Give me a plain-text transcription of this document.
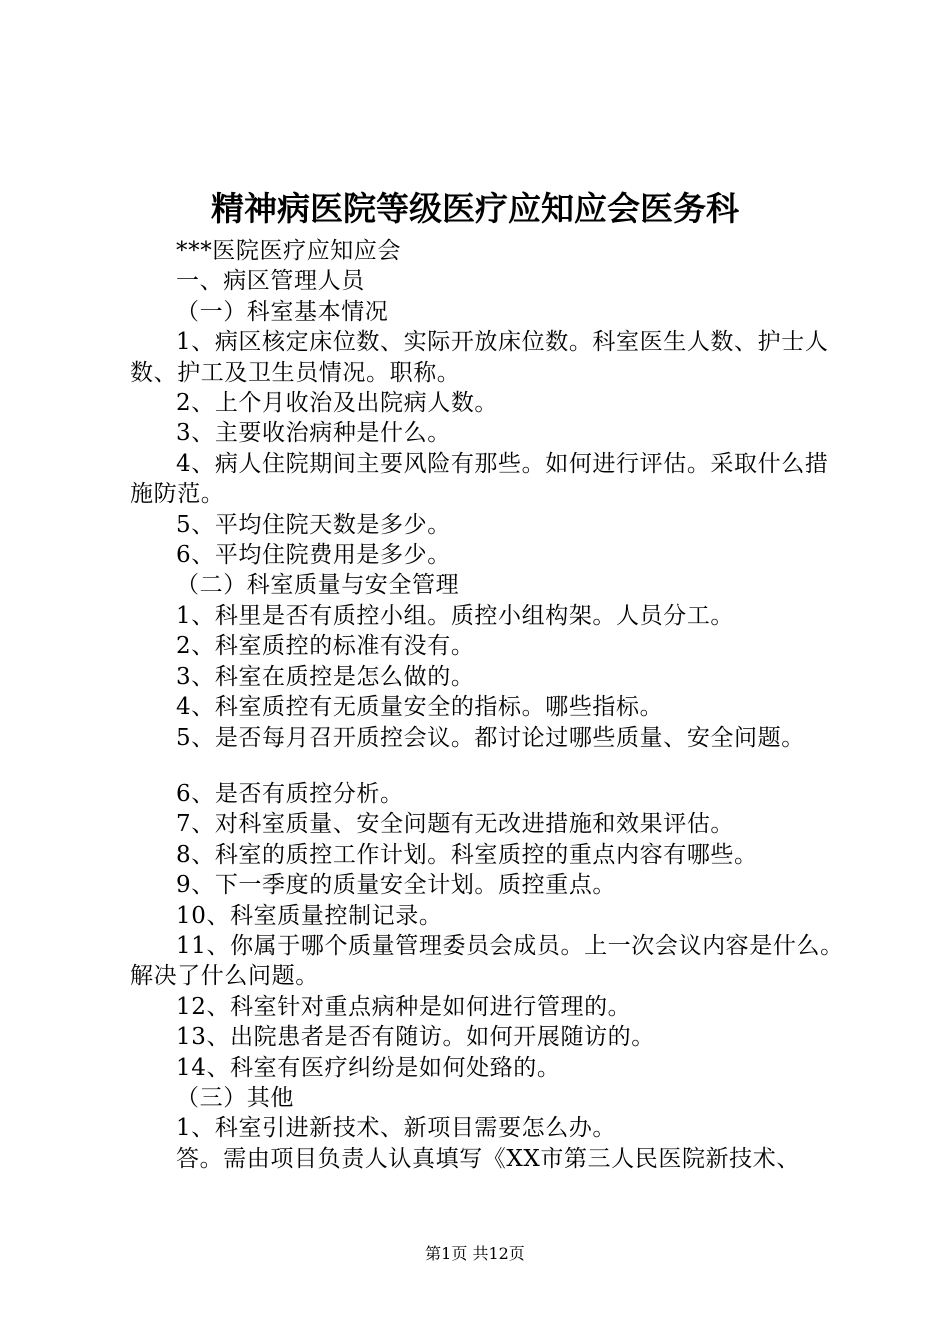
精神病医院等级医疗应知应会医务科
***医院医疗应知应会
一、病区管理人员
（一）科室基本情况
1、病区核定床位数、实际开放床位数。科室医生人数、护士人数、护工及卫生员情况。职称。
2、上个月收治及出院病人数。
3、主要收治病种是什么。
4、病人住院期间主要风险有那些。如何进行评估。采取什么措施防范。
5、平均住院天数是多少。
6、平均住院费用是多少。
（二）科室质量与安全管理
1、科里是否有质控小组。质控小组构架。人员分工。
2、科室质控的标准有没有。
3、科室在质控是怎么做的。
4、科室质控有无质量安全的指标。哪些指标。
5、是否每月召开质控会议。都讨论过哪些质量、安全问题。
6、是否有质控分析。
7、对科室质量、安全问题有无改进措施和效果评估。
8、科室的质控工作计划。科室质控的重点内容有哪些。
9、下一季度的质量安全计划。质控重点。
10、科室质量控制记录。
11、你属于哪个质量管理委员会成员。上一次会议内容是什么。解决了什么问题。
12、科室针对重点病种是如何进行管理的。
13、出院患者是否有随访。如何开展随访的。
14、科室有医疗纠纷是如何处臵的。
（三）其他
1、科室引进新技术、新项目需要怎么办。
答。需由项目负责人认真填写《XX市第三人民医院新技术、
第1页 共12页
